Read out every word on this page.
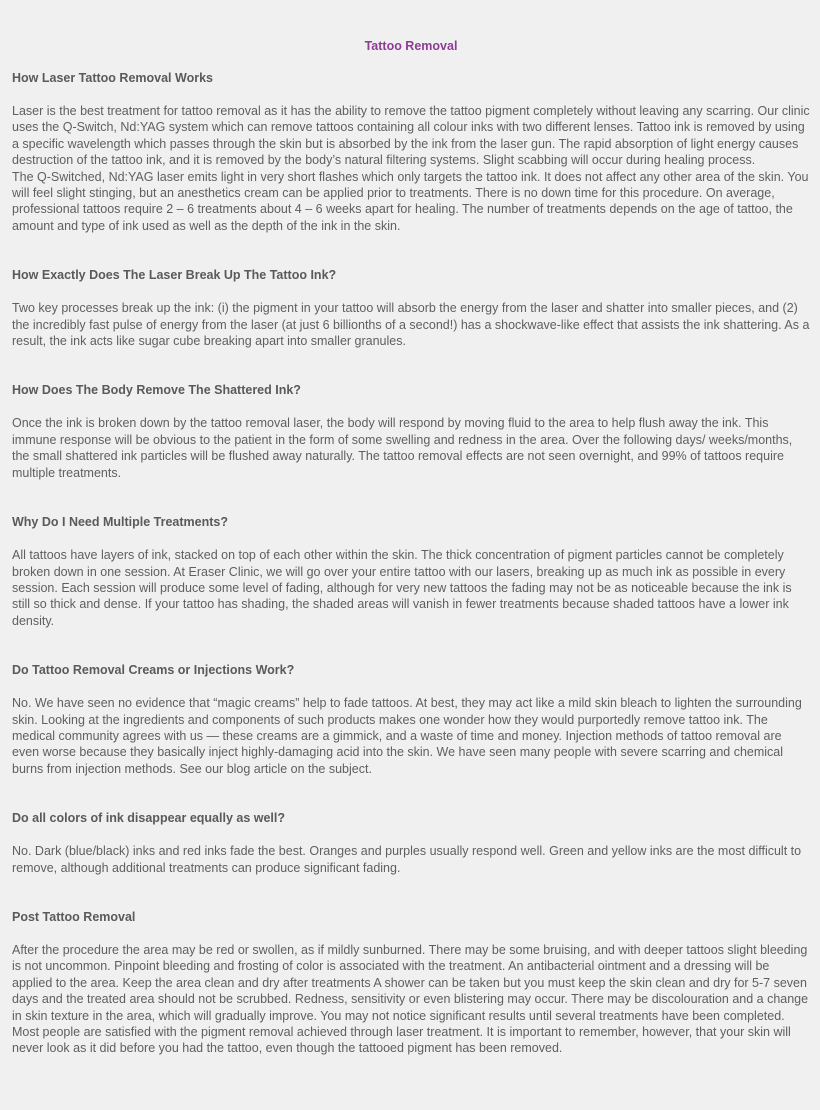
Tattoo Removal
How Laser Tattoo Removal Works

Laser is the best treatment for tattoo removal as it has the ability to remove the tattoo pigment completely without leaving any scarring. Our clinic uses the Q-Switch, Nd:YAG system which can remove tattoos containing all colour inks with two different lenses. Tattoo ink is removed by using a specific wavelength which passes through the skin but is absorbed by the ink from the laser gun. The rapid absorption of light energy causes destruction of the tattoo ink, and it is removed by the body’s natural filtering systems. Slight scabbing will occur during healing process.

The Q-Switched, Nd:YAG laser emits light in very short flashes which only targets the tattoo ink. It does not affect any other area of the skin. You will feel slight stinging, but an anesthetics cream can be applied prior to treatments. There is no down time for this procedure. On average, professional tattoos require 2 – 6 treatments about 4 – 6 weeks apart for healing. The number of treatments depends on the age of tattoo, the amount and type of ink used as well as the depth of the ink in the skin.

How Exactly Does The Laser Break Up The Tattoo Ink?

Two key processes break up the ink: (i) the pigment in your tattoo will absorb the energy from the laser and shatter into smaller pieces, and (2) the incredibly fast pulse of energy from the laser (at just 6 billionths of a second!) has a shockwave-like effect that assists the ink shattering. As a result, the ink acts like sugar cube breaking apart into smaller granules.

How Does The Body Remove The Shattered Ink?

Once the ink is broken down by the tattoo removal laser, the body will respond by moving fluid to the area to help flush away the ink. This immune response will be obvious to the patient in the form of some swelling and redness in the area. Over the following days/ weeks/months, the small shattered ink particles will be flushed away naturally. The tattoo removal effects are not seen overnight, and 99% of tattoos require multiple treatments.

Why Do I Need Multiple Treatments?

All tattoos have layers of ink, stacked on top of each other within the skin. The thick concentration of pigment particles cannot be completely broken down in one session. At Eraser Clinic, we will go over your entire tattoo with our lasers, breaking up as much ink as possible in every session. Each session will produce some level of fading, although for very new tattoos the fading may not be as noticeable because the ink is still so thick and dense. If your tattoo has shading, the shaded areas will vanish in fewer treatments because shaded tattoos have a lower ink density.

Do Tattoo Removal Creams or Injections Work?

No. We have seen no evidence that “magic creams” help to fade tattoos. At best, they may act like a mild skin bleach to lighten the surrounding skin. Looking at the ingredients and components of such products makes one wonder how they would purportedly remove tattoo ink. The medical community agrees with us — these creams are a gimmick, and a waste of time and money. Injection methods of tattoo removal are even worse because they basically inject highly-damaging acid into the skin. We have seen many people with severe scarring and chemical burns from injection methods. See our blog article on the subject.

Do all colors of ink disappear equally as well?

No. Dark (blue/black) inks and red inks fade the best. Oranges and purples usually respond well. Green and yellow inks are the most difficult to remove, although additional treatments can produce significant fading.

Post Tattoo Removal

After the procedure the area may be red or swollen, as if mildly sunburned. There may be some bruising, and with deeper tattoos slight bleeding is not uncommon. Pinpoint bleeding and frosting of color is associated with the treatment. An antibacterial ointment and a dressing will be applied to the area. Keep the area clean and dry after treatments A shower can be taken but you must keep the skin clean and dry for 5-7 seven days and the treated area should not be scrubbed. Redness, sensitivity or even blistering may occur. There may be discolouration and a change in skin texture in the area, which will gradually improve. You may not notice significant results until several treatments have been completed. Most people are satisfied with the pigment removal achieved through laser treatment. It is important to remember, however, that your skin will never look as it did before you had the tattoo, even though the tattooed pigment has been removed.
